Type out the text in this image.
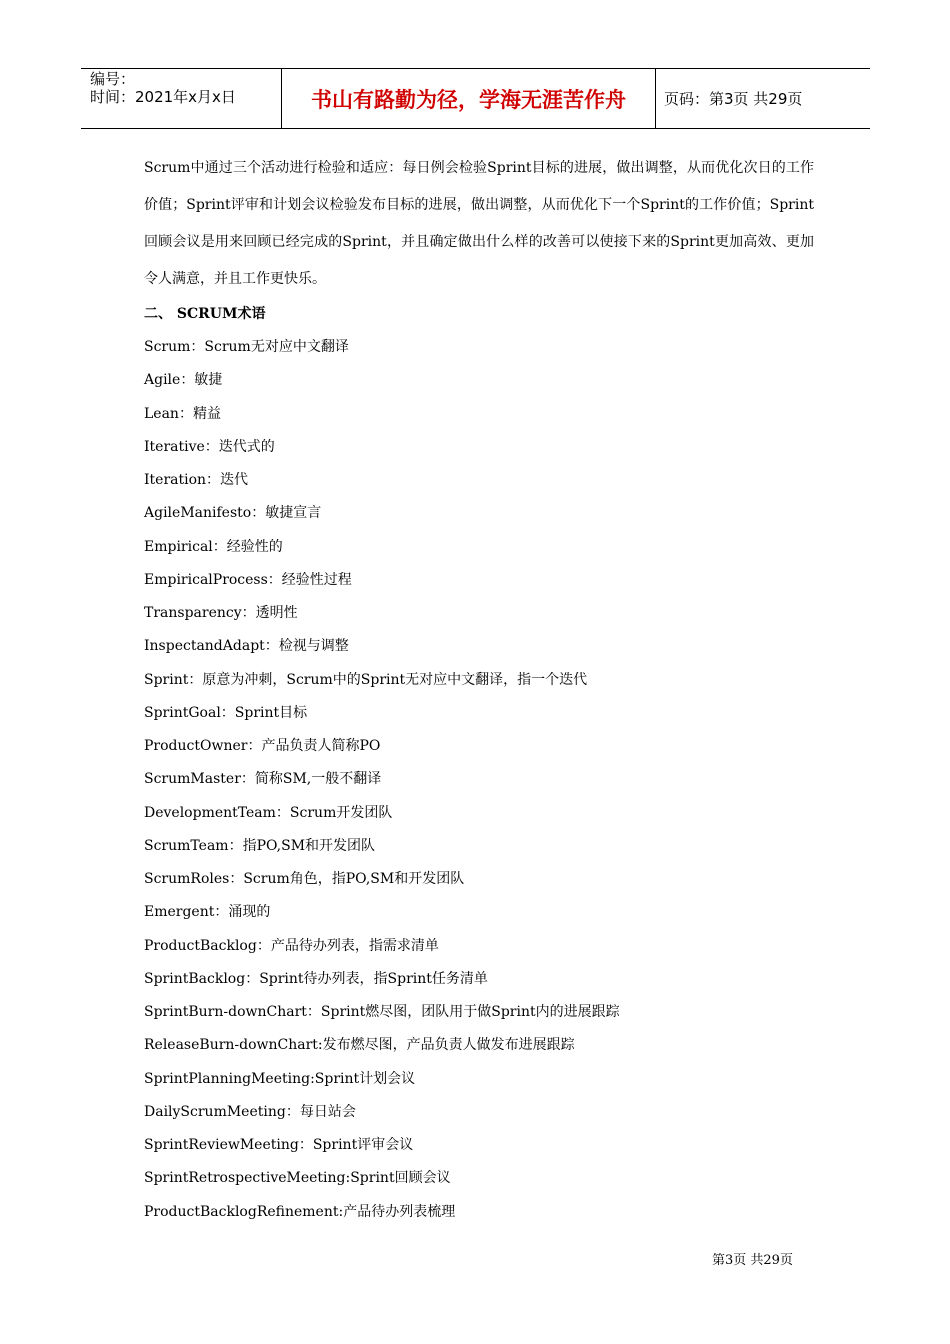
编号：
时间：2021年x月x日	书山有路勤为径，学海无涯苦作舟	页码：第3页 共29页

Scrum中通过三个活动进行检验和适应：每日例会检验Sprint目标的进展，做出调整，从而优化次日的工作价值；Sprint评审和计划会议检验发布目标的进展，做出调整，从而优化下一个Sprint的工作价值；Sprint回顾会议是用来回顾已经完成的Sprint，并且确定做出什么样的改善可以使接下来的Sprint更加高效、更加令人满意，并且工作更快乐。

二、 SCRUM术语

Scrum：Scrum无对应中文翻译

Agile：敏捷

Lean：精益

Iterative：迭代式的

Iteration：迭代

AgileManifesto：敏捷宣言

Empirical：经验性的

EmpiricalProcess：经验性过程

Transparency：透明性

InspectandAdapt：检视与调整

Sprint：原意为冲刺，Scrum中的Sprint无对应中文翻译，指一个迭代

SprintGoal：Sprint目标

ProductOwner：产品负责人简称PO

ScrumMaster：简称SM,一般不翻译

DevelopmentTeam：Scrum开发团队

ScrumTeam：指PO,SM和开发团队

ScrumRoles：Scrum角色，指PO,SM和开发团队

Emergent：涌现的

ProductBacklog：产品待办列表，指需求清单

SprintBacklog：Sprint待办列表，指Sprint任务清单

SprintBurn-downChart：Sprint燃尽图，团队用于做Sprint内的进展跟踪

ReleaseBurn-downChart:发布燃尽图，产品负责人做发布进展跟踪

SprintPlanningMeeting:Sprint计划会议

DailyScrumMeeting：每日站会

SprintReviewMeeting：Sprint评审会议

SprintRetrospectiveMeeting:Sprint回顾会议

ProductBacklogRefinement:产品待办列表梳理

第3页 共29页
